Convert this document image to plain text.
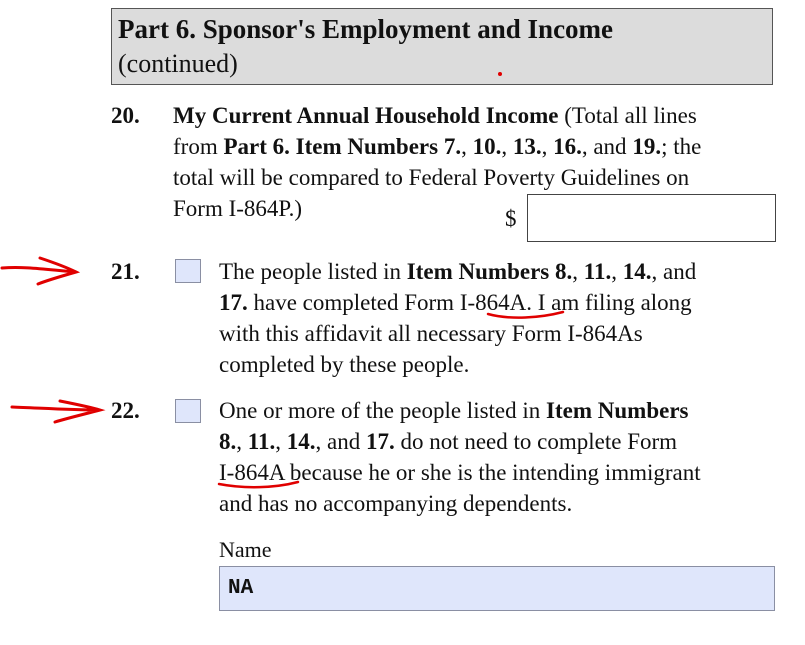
Part 6. Sponsor's Employment and Income
(continued)
20. My Current Annual Household Income (Total all lines
from Part 6. Item Numbers 7., 10., 13., 16., and 19.; the
total will be compared to Federal Poverty Guidelines on
Form I-864P.)	$
21.	The people listed in Item Numbers 8., 11., 14., and
17. have completed Form I-864A. I am filing along
with this affidavit all necessary Form I-864As
completed by these people.
22.	One or more of the people listed in Item Numbers
8., 11., 14., and 17. do not need to complete Form
I-864A because he or she is the intending immigrant
and has no accompanying dependents.
Name
NA
